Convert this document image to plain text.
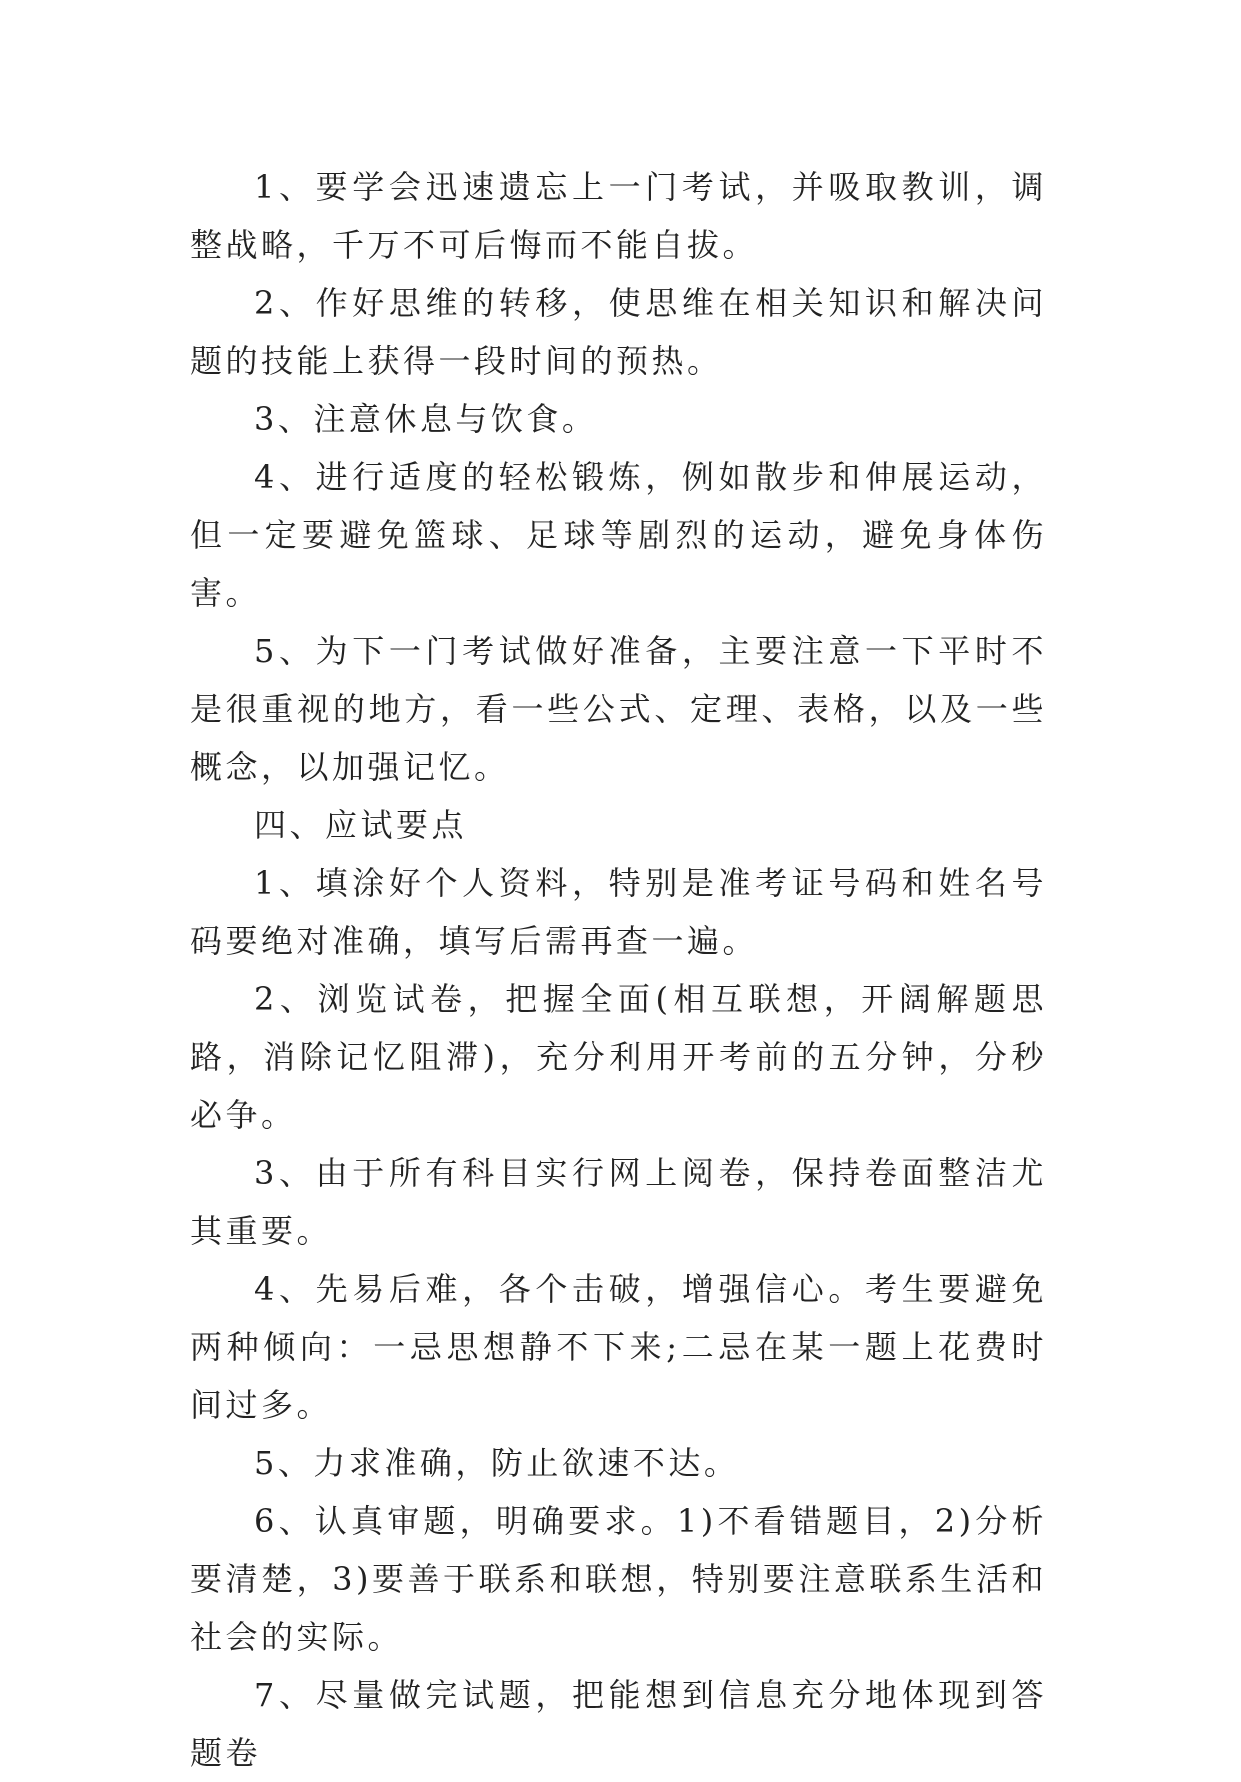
1、要学会迅速遗忘上一门考试，并吸取教训，调整战略，千万不可后悔而不能自拔。

2、作好思维的转移，使思维在相关知识和解决问题的技能上获得一段时间的预热。

3、注意休息与饮食。

4、进行适度的轻松锻炼，例如散步和伸展运动，但一定要避免篮球、足球等剧烈的运动，避免身体伤害。

5、为下一门考试做好准备，主要注意一下平时不是很重视的地方，看一些公式、定理、表格，以及一些概念，以加强记忆。

四、应试要点

1、填涂好个人资料，特别是准考证号码和姓名号码要绝对准确，填写后需再查一遍。

2、浏览试卷，把握全面(相互联想，开阔解题思路，消除记忆阻滞)，充分利用开考前的五分钟，分秒必争。

3、由于所有科目实行网上阅卷，保持卷面整洁尤其重要。

4、先易后难，各个击破，增强信心。考生要避免两种倾向：一忌思想静不下来;二忌在某一题上花费时间过多。

5、力求准确，防止欲速不达。

6、认真审题，明确要求。1)不看错题目，2)分析要清楚，3)要善于联系和联想，特别要注意联系生活和社会的实际。

7、尽量做完试题，把能想到信息充分地体现到答题卷
